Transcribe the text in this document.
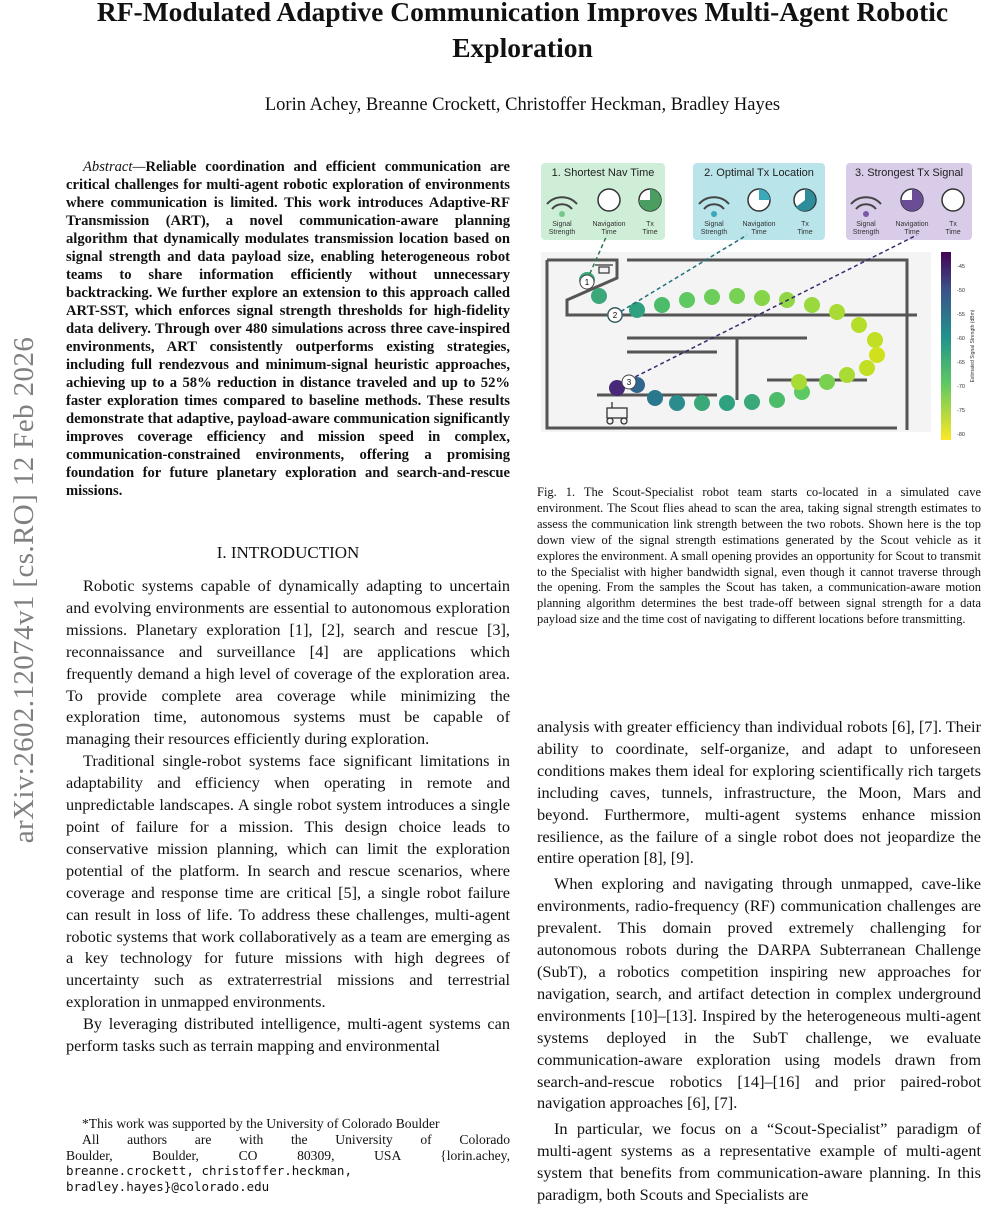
RF-Modulated Adaptive Communication Improves Multi-Agent Robotic Exploration
Lorin Achey, Breanne Crockett, Christoffer Heckman, Bradley Hayes
arXiv:2602.12074v1 [cs.RO] 12 Feb 2026

Abstract—Reliable coordination and efficient communication are critical challenges for multi-agent robotic exploration of environments where communication is limited. This work introduces Adaptive-RF Transmission (ART), a novel communication-aware planning algorithm that dynamically modulates transmission location based on signal strength and data payload size, enabling heterogeneous robot teams to share information efficiently without unnecessary backtracking. We further explore an extension to this approach called ART-SST, which enforces signal strength thresholds for high-fidelity data delivery. Through over 480 simulations across three cave-inspired environments, ART consistently outperforms existing strategies, including full rendezvous and minimum-signal heuristic approaches, achieving up to a 58% reduction in distance traveled and up to 52% faster exploration times compared to baseline methods. These results demonstrate that adaptive, payload-aware communication significantly improves coverage efficiency and mission speed in complex, communication-constrained environments, offering a promising foundation for future planetary exploration and search-and-rescue missions.

I. INTRODUCTION

Robotic systems capable of dynamically adapting to uncertain and evolving environments are essential to autonomous exploration missions. Planetary exploration [1], [2], search and rescue [3], reconnaissance and surveillance [4] are applications which frequently demand a high level of coverage of the exploration area. To provide complete area coverage while minimizing the exploration time, autonomous systems must be capable of managing their resources efficiently during exploration.

Traditional single-robot systems face significant limitations in adaptability and efficiency when operating in remote and unpredictable landscapes. A single robot system introduces a single point of failure for a mission. This design choice leads to conservative mission planning, which can limit the exploration potential of the platform. In search and rescue scenarios, where coverage and response time are critical [5], a single robot failure can result in loss of life. To address these challenges, multi-agent robotic systems that work collaboratively as a team are emerging as a key technology for future missions with high degrees of uncertainty such as extraterrestrial missions and terrestrial exploration in unmapped environments.

By leveraging distributed intelligence, multi-agent systems can perform tasks such as terrain mapping and environmental

*This work was supported by the University of Colorado Boulder
All authors are with the University of Colorado
Boulder, Boulder, CO 80309, USA {lorin.achey,
breanne.crockett, christoffer.heckman,
bradley.hayes}@colorado.edu
1. Shortest Nav Time	2. Optimal Tx Location	3. Strongest Tx Signal
Signal
Strength
Navigation
Time
Tx
Time
Signal
Strength
Navigation
Time
Tx
Time
Signal
Strength
Navigation
Time
Tx
Time
1
2
3
-45
-50
-55
-60
-65
-70
-75
-80
Estimated Signal Strength (dBm)
Fig. 1. The Scout-Specialist robot team starts co-located in a simulated cave environment. The Scout flies ahead to scan the area, taking signal strength estimates to assess the communication link strength between the two robots. Shown here is the top down view of the signal strength estimations generated by the Scout vehicle as it explores the environment. A small opening provides an opportunity for Scout to transmit to the Specialist with higher bandwidth signal, even though it cannot traverse through the opening. From the samples the Scout has taken, a communication-aware motion planning algorithm determines the best trade-off between signal strength for a data payload size and the time cost of navigating to different locations before transmitting.

analysis with greater efficiency than individual robots [6], [7]. Their ability to coordinate, self-organize, and adapt to unforeseen conditions makes them ideal for exploring scientifically rich targets including caves, tunnels, infrastructure, the Moon, Mars and beyond. Furthermore, multi-agent systems enhance mission resilience, as the failure of a single robot does not jeopardize the entire operation [8], [9].

When exploring and navigating through unmapped, cave-like environments, radio-frequency (RF) communication challenges are prevalent. This domain proved extremely challenging for autonomous robots during the DARPA Subterranean Challenge (SubT), a robotics competition inspiring new approaches for navigation, search, and artifact detection in complex underground environments [10]–[13]. Inspired by the heterogeneous multi-agent systems deployed in the SubT challenge, we evaluate communication-aware exploration using models drawn from search-and-rescue robotics [14]–[16] and prior paired-robot navigation approaches [6], [7].

In particular, we focus on a “Scout-Specialist” paradigm of multi-agent systems as a representative example of multi-agent system that benefits from communication-aware planning. In this paradigm, both Scouts and Specialists are
